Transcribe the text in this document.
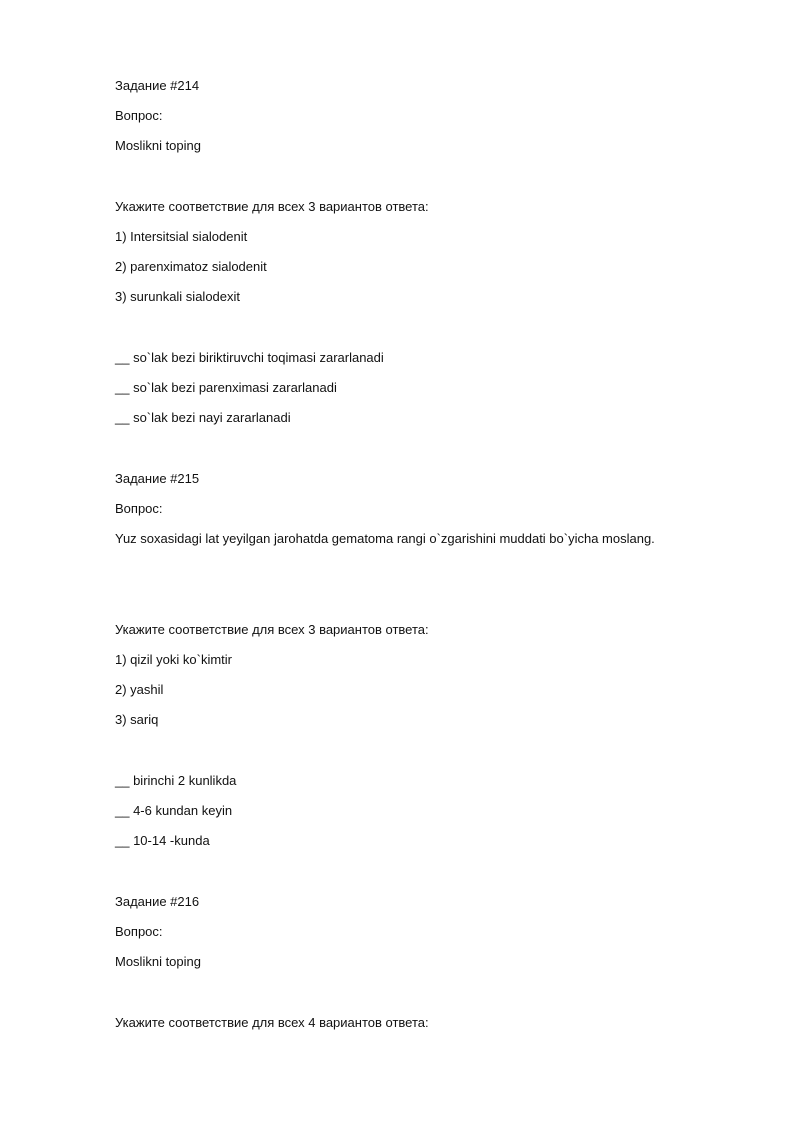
Задание #214
Вопрос:
Moslikni toping
Укажите соответствие для всех 3 вариантов ответа:
1) Intersitsial sialodenit
2) parenximatoz sialodenit
3) surunkali sialodexit
__ so`lak bezi biriktiruvchi toqimasi zararlanadi
__ so`lak bezi parenximasi zararlanadi
__ so`lak bezi nayi zararlanadi
Задание #215
Вопрос:
Yuz soxasidagi lat yeyilgan jarohatda gematoma rangi o`zgarishini muddati bo`yicha moslang.
Укажите соответствие для всех 3 вариантов ответа:
1) qizil yoki ko`kimtir
2) yashil
3) sariq
__ birinchi 2 kunlikda
__ 4-6 kundan keyin
__ 10-14 -kunda
Задание #216
Вопрос:
Moslikni toping
Укажите соответствие для всех 4 вариантов ответа:
